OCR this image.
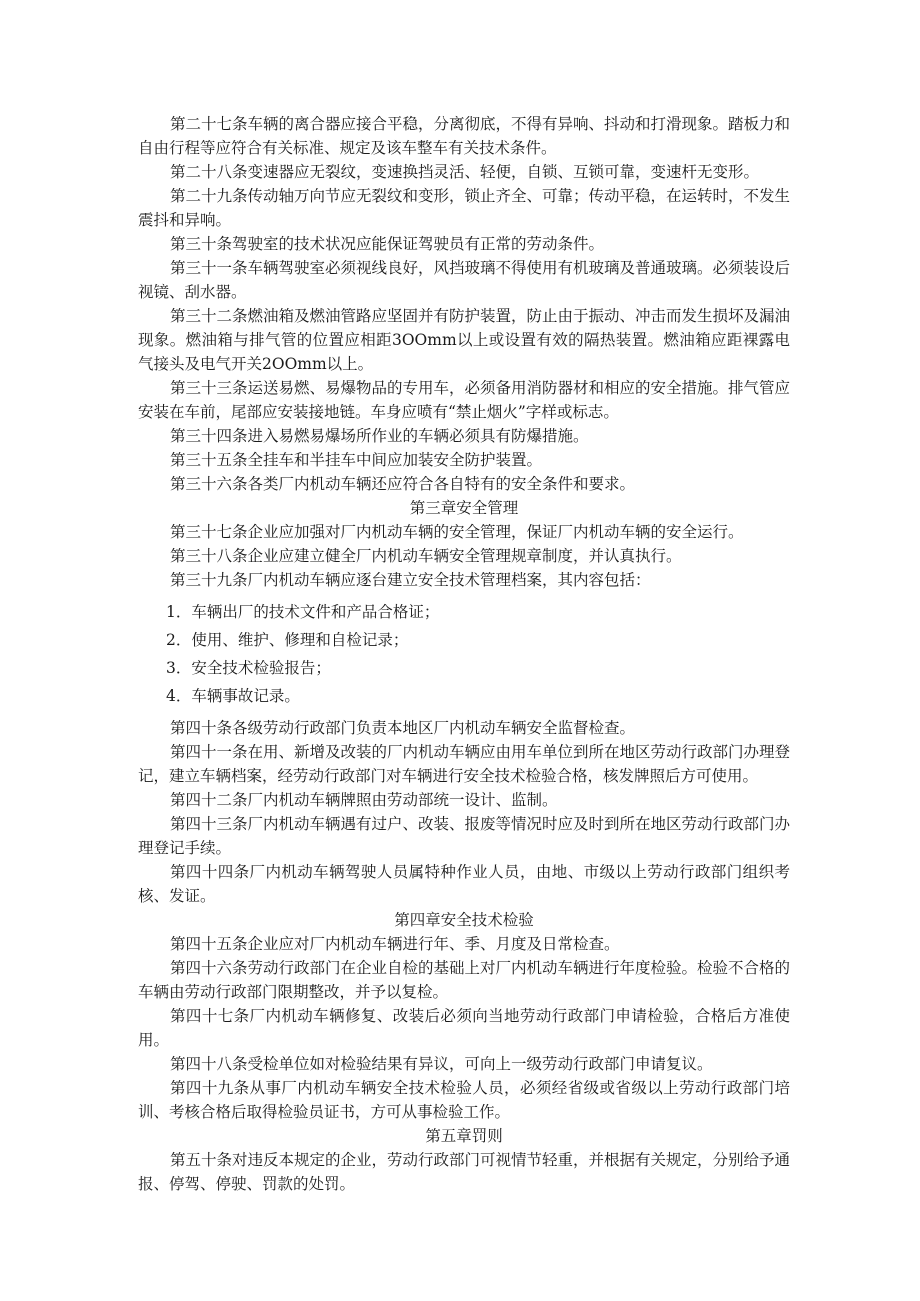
第二十七条车辆的离合器应接合平稳，分离彻底，不得有异响、抖动和打滑现象。踏板力和自由行程等应符合有关标准、规定及该车整车有关技术条件。

第二十八条变速器应无裂纹，变速换挡灵活、轻便，自锁、互锁可靠，变速杆无变形。

第二十九条传动轴万向节应无裂纹和变形，锁止齐全、可靠；传动平稳，在运转时，不发生震抖和异响。

第三十条驾驶室的技术状况应能保证驾驶员有正常的劳动条件。

第三十一条车辆驾驶室必须视线良好，风挡玻璃不得使用有机玻璃及普通玻璃。必须装设后视镜、刮水器。

第三十二条燃油箱及燃油管路应坚固并有防护装置，防止由于振动、冲击而发生损坏及漏油现象。燃油箱与排气管的位置应相距3OOmm以上或设置有效的隔热装置。燃油箱应距裸露电气接头及电气开关2OOmm以上。

第三十三条运送易燃、易爆物品的专用车，必须备用消防器材和相应的安全措施。排气管应安装在车前，尾部应安装接地链。车身应喷有“禁止烟火”字样或标志。

第三十四条进入易燃易爆场所作业的车辆必须具有防爆措施。

第三十五条全挂车和半挂车中间应加装安全防护装置。

第三十六条各类厂内机动车辆还应符合各自特有的安全条件和要求。

第三章安全管理

第三十七条企业应加强对厂内机动车辆的安全管理，保证厂内机动车辆的安全运行。

第三十八条企业应建立健全厂内机动车辆安全管理规章制度，并认真执行。

第三十九条厂内机动车辆应逐台建立安全技术管理档案，其内容包括：

1．车辆出厂的技术文件和产品合格证；

2．使用、维护、修理和自检记录；

3．安全技术检验报告；

4．车辆事故记录。

第四十条各级劳动行政部门负责本地区厂内机动车辆安全监督检查。

第四十一条在用、新增及改装的厂内机动车辆应由用车单位到所在地区劳动行政部门办理登记，建立车辆档案，经劳动行政部门对车辆进行安全技术检验合格，核发牌照后方可使用。

第四十二条厂内机动车辆牌照由劳动部统一设计、监制。

第四十三条厂内机动车辆遇有过户、改装、报废等情况时应及时到所在地区劳动行政部门办理登记手续。

第四十四条厂内机动车辆驾驶人员属特种作业人员，由地、市级以上劳动行政部门组织考核、发证。

第四章安全技术检验

第四十五条企业应对厂内机动车辆进行年、季、月度及日常检查。

第四十六条劳动行政部门在企业自检的基础上对厂内机动车辆进行年度检验。检验不合格的车辆由劳动行政部门限期整改，并予以复检。

第四十七条厂内机动车辆修复、改装后必须向当地劳动行政部门申请检验，合格后方准使用。

第四十八条受检单位如对检验结果有异议，可向上一级劳动行政部门申请复议。

第四十九条从事厂内机动车辆安全技术检验人员，必须经省级或省级以上劳动行政部门培训、考核合格后取得检验员证书，方可从事检验工作。

第五章罚则

第五十条对违反本规定的企业，劳动行政部门可视情节轻重，并根据有关规定，分别给予通报、停驾、停驶、罚款的处罚。
